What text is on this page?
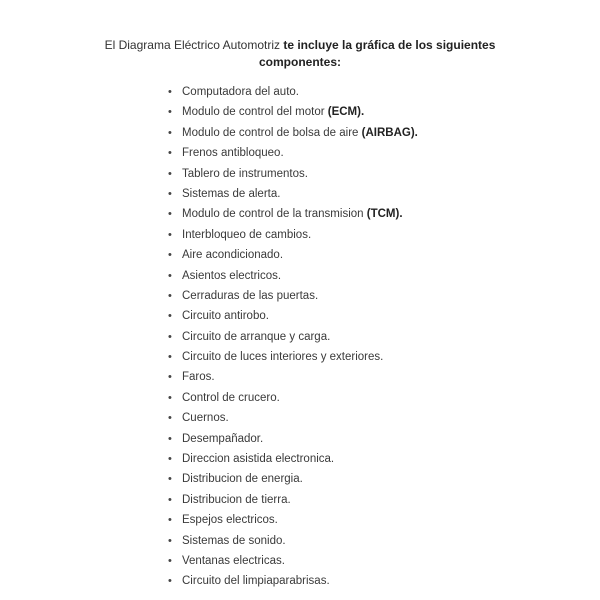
El Diagrama Eléctrico Automotriz te incluye la gráfica de los siguientes
componentes:
• Computadora del auto.
• Modulo de control del motor (ECM).
• Modulo de control de bolsa de aire (AIRBAG).
• Frenos antibloqueo.
• Tablero de instrumentos.
• Sistemas de alerta.
• Modulo de control de la transmision (TCM).
• Interbloqueo de cambios.
• Aire acondicionado.
• Asientos electricos.
• Cerraduras de las puertas.
• Circuito antirobo.
• Circuito de arranque y carga.
• Circuito de luces interiores y exteriores.
• Faros.
• Control de crucero.
• Cuernos.
• Desempañador.
• Direccion asistida electronica.
• Distribucion de energia.
• Distribucion de tierra.
• Espejos electricos.
• Sistemas de sonido.
• Ventanas electricas.
• Circuito del limpiaparabrisas.
